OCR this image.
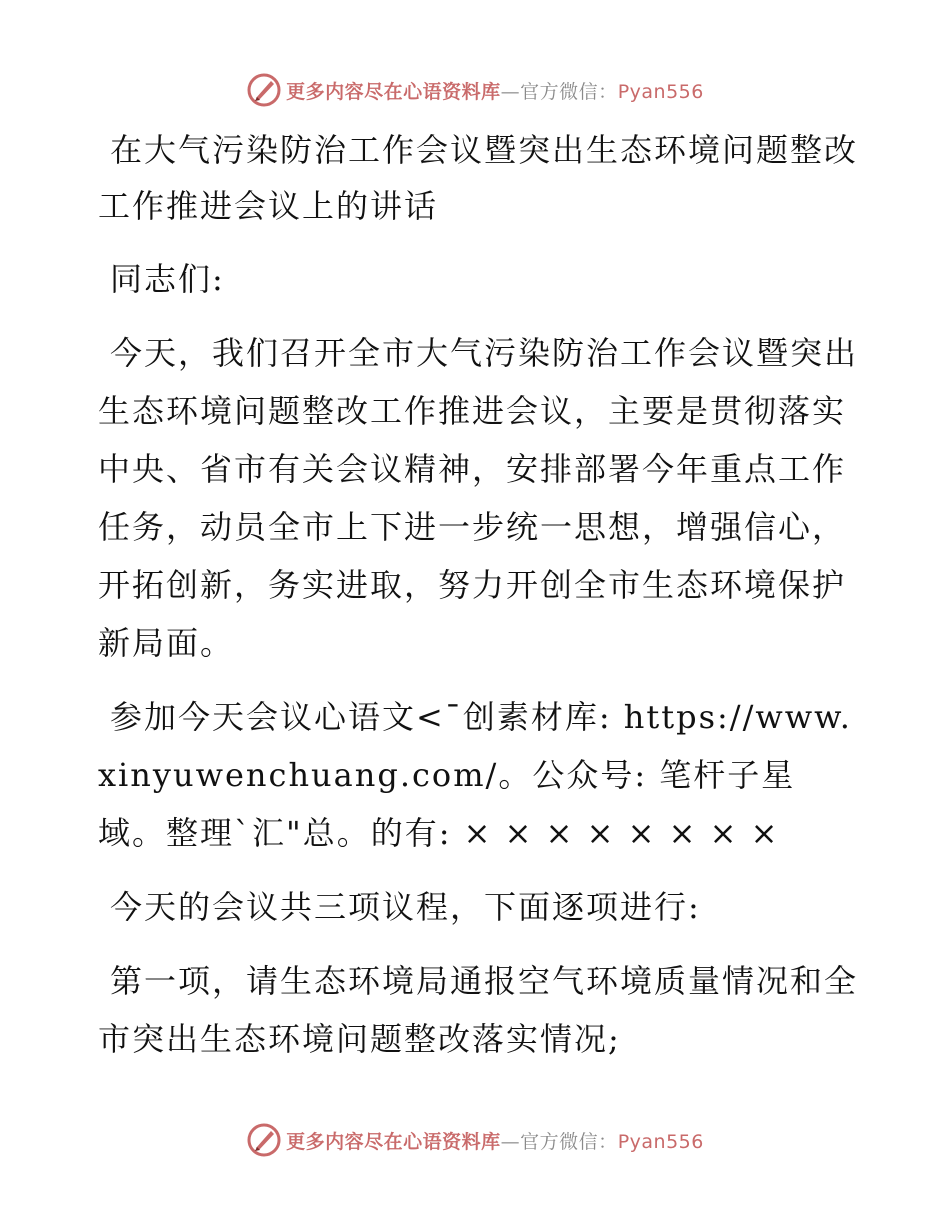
更多内容尽在心语资料库—官方微信：Pyan556

在大气污染防治工作会议暨突出生态环境问题整改工作推进会议上的讲话

同志们:

今天，我们召开全市大气污染防治工作会议暨突出生态环境问题整改工作推进会议，主要是贯彻落实中央、省市有关会议精神，安排部署今年重点工作任务，动员全市上下进一步统一思想，增强信心，开拓创新，务实进取，努力开创全市生态环境保护新局面。

参加今天会议心语文<¯创素材库: https://www.xinyuwenchuang.com/。公众号: 笔杆子星域。整理`汇"总。的有: × × × × × × × ×

今天的会议共三项议程，下面逐项进行:

第一项，请生态环境局通报空气环境质量情况和全市突出生态环境问题整改落实情况;

更多内容尽在心语资料库—官方微信：Pyan556
